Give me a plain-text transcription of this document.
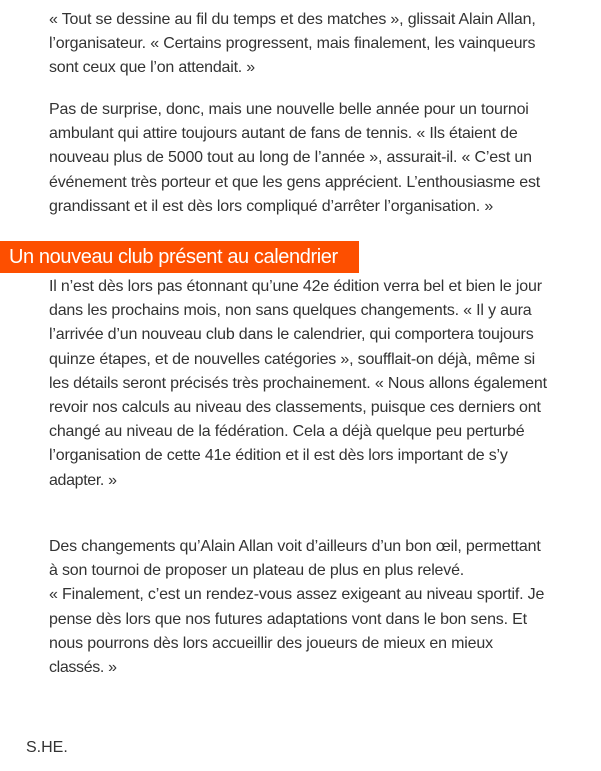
« Tout se dessine au fil du temps et des matches », glissait Alain Allan,
l’organisateur. « Certains progressent, mais finalement, les vainqueurs
sont ceux que l’on attendait. »

Pas de surprise, donc, mais une nouvelle belle année pour un tournoi
ambulant qui attire toujours autant de fans de tennis. « Ils étaient de
nouveau plus de 5000 tout au long de l’année », assurait-il. « C’est un
événement très porteur et que les gens apprécient. L’enthousiasme est
grandissant et il est dès lors compliqué d’arrêter l’organisation. »

Un nouveau club présent au calendrier

Il n’est dès lors pas étonnant qu’une 42e édition verra bel et bien le jour
dans les prochains mois, non sans quelques changements. « Il y aura
l’arrivée d’un nouveau club dans le calendrier, qui comportera toujours
quinze étapes, et de nouvelles catégories », soufflait-on déjà, même si
les détails seront précisés très prochainement. « Nous allons également
revoir nos calculs au niveau des classements, puisque ces derniers ont
changé au niveau de la fédération. Cela a déjà quelque peu perturbé
l’organisation de cette 41e édition et il est dès lors important de s’y
adapter. »

Des changements qu’Alain Allan voit d’ailleurs d’un bon œil, permettant
à son tournoi de proposer un plateau de plus en plus relevé.
« Finalement, c’est un rendez-vous assez exigeant au niveau sportif. Je
pense dès lors que nos futures adaptations vont dans le bon sens. Et
nous pourrons dès lors accueillir des joueurs de mieux en mieux
classés. »

S.HE.
